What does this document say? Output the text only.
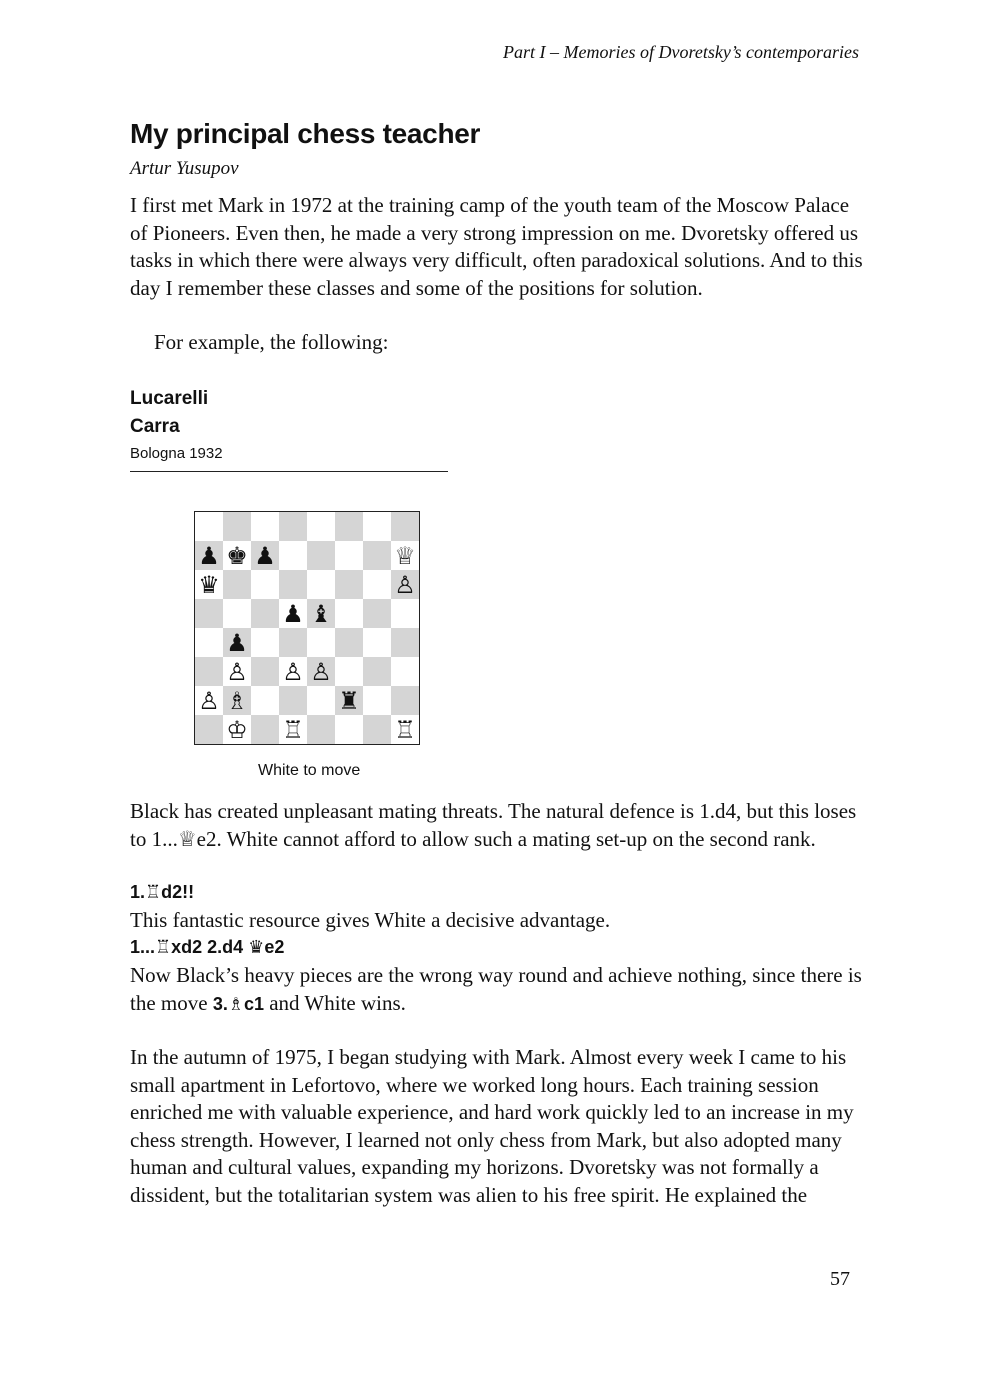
Part I – Memories of Dvoretsky’s contemporaries
My principal chess teacher
Artur Yusupov

I first met Mark in 1972 at the training camp of the youth team of the Moscow Palace of Pioneers. Even then, he made a very strong impression on me. Dvoretsky offered us tasks in which there were always very difficult, often paradoxical solutions. And to this day I remember these classes and some of the positions for solution.

For example, the following:

Lucarelli
Carra
Bologna 1932
♟ ♚ ♟	♕
♛	♙
♟ ♝
♟
♙ ♙ ♙
♙ ♗	♜
♔ ♖	♖
White to move

Black has created unpleasant mating threats. The natural defence is 1.d4, but this loses to 1...♕e2. White cannot afford to allow such a mating set-up on the second rank.

1.♖d2!!

This fantastic resource gives White a decisive advantage.

1...♖xd2 2.d4 ♛e2

Now Black’s heavy pieces are the wrong way round and achieve nothing, since there is the move 3.♗c1 and White wins.

In the autumn of 1975, I began studying with Mark. Almost every week I came to his small apartment in Lefortovo, where we worked long hours. Each training session enriched me with valuable experience, and hard work quickly led to an increase in my chess strength. However, I learned not only chess from Mark, but also adopted many human and cultural values, expanding my horizons. Dvoretsky was not formally a dissident, but the totalitarian system was alien to his free spirit. He explained the

57
